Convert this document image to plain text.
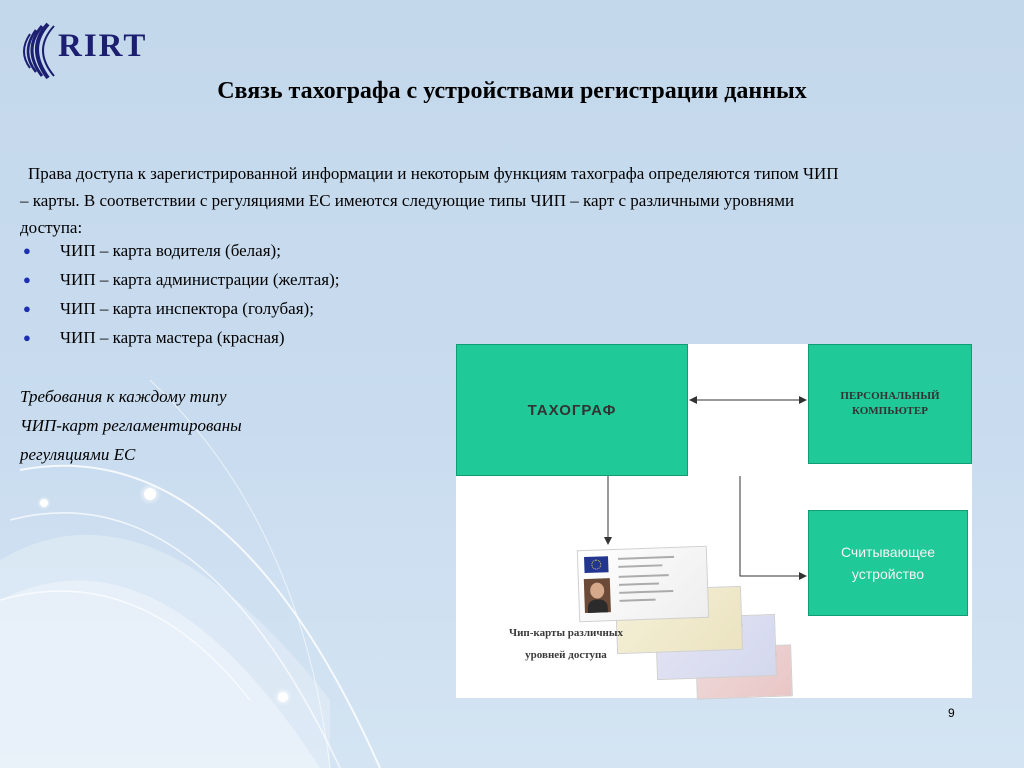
RIRT
Связь тахографа с устройствами регистрации данных
Права доступа к зарегистрированной информации и некоторым функциям тахографа определяются типом ЧИП
– карты. В соответствии с регуляциями ЕС имеются следующие типы ЧИП – карт с различными уровнями
доступа:
● ЧИП – карта водителя (белая);
● ЧИП – карта администрации (желтая);
● ЧИП – карта инспектора (голубая);
● ЧИП – карта мастера (красная)
Требования к каждому типу
ЧИП-карт регламентированы
регуляциями ЕС
ТАХОГРАФ
ПЕРСОНАЛЬНЫЙ
КОМПЬЮТЕР
Считывающее
устройство
Чип-карты различных
уровней доступа
9
